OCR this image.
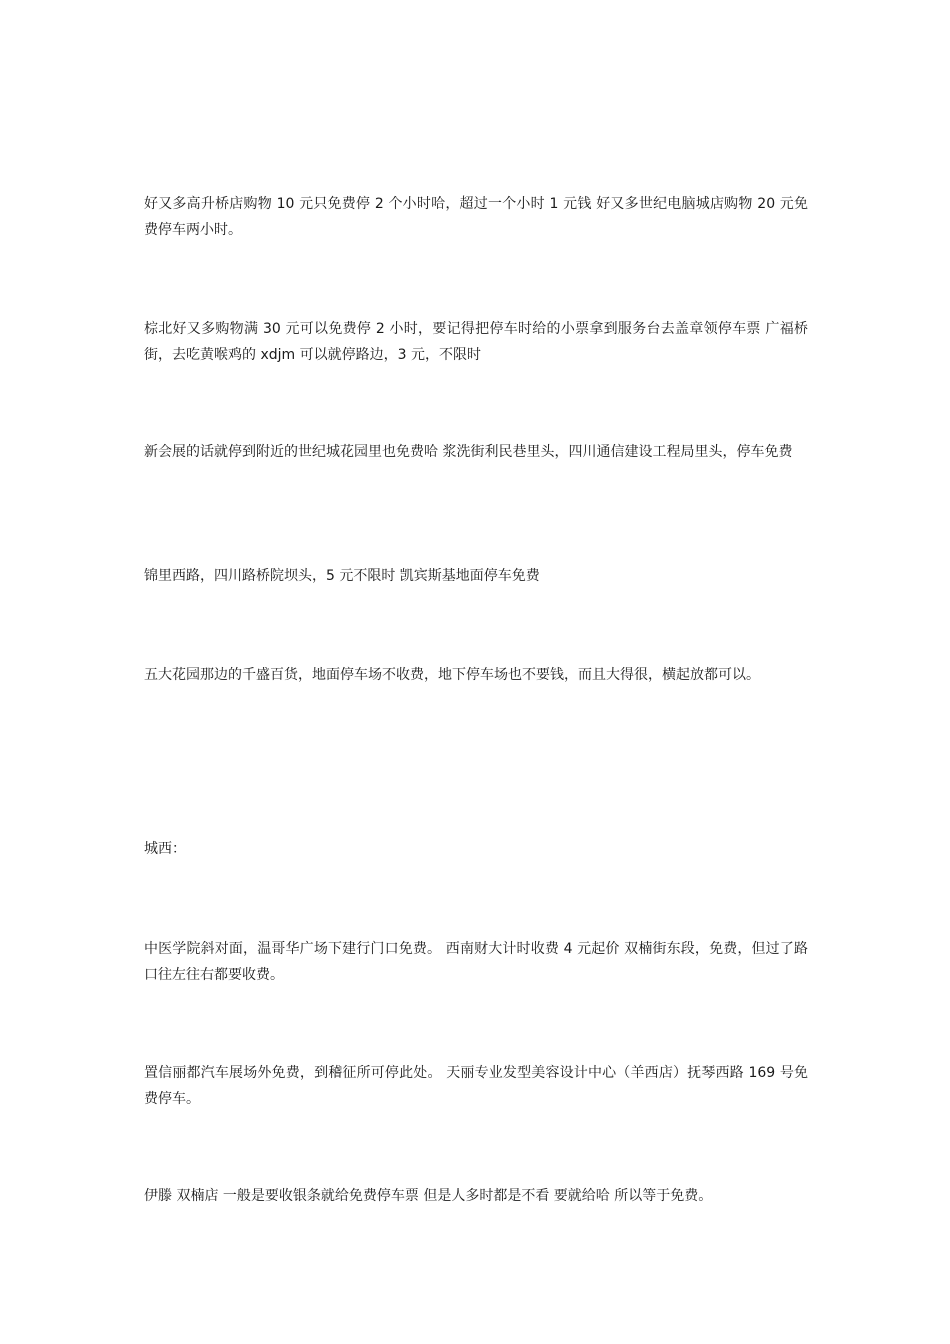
好又多高升桥店购物 10 元只免费停 2 个小时哈，超过一个小时 1 元钱 好又多世纪电脑城店购物 20 元免费停车两小时。

棕北好又多购物满 30 元可以免费停 2 小时，要记得把停车时给的小票拿到服务台去盖章领停车票 广福桥街，去吃黄喉鸡的 xdjm 可以就停路边，3 元，不限时

新会展的话就停到附近的世纪城花园里也免费哈 浆洗街利民巷里头，四川通信建设工程局里头，停车免费

锦里西路，四川路桥院坝头，5 元不限时 凯宾斯基地面停车免费

五大花园那边的千盛百货，地面停车场不收费，地下停车场也不要钱，而且大得很，横起放都可以。

城西：

中医学院斜对面，温哥华广场下建行门口免费。 西南财大计时收费 4 元起价 双楠街东段，免费，但过了路口往左往右都要收费。

置信丽都汽车展场外免费，到稽征所可停此处。 天丽专业发型美容设计中心（羊西店）抚琴西路 169 号免费停车。

伊滕 双楠店 一般是要收银条就给免费停车票 但是人多时都是不看 要就给哈 所以等于免费。
